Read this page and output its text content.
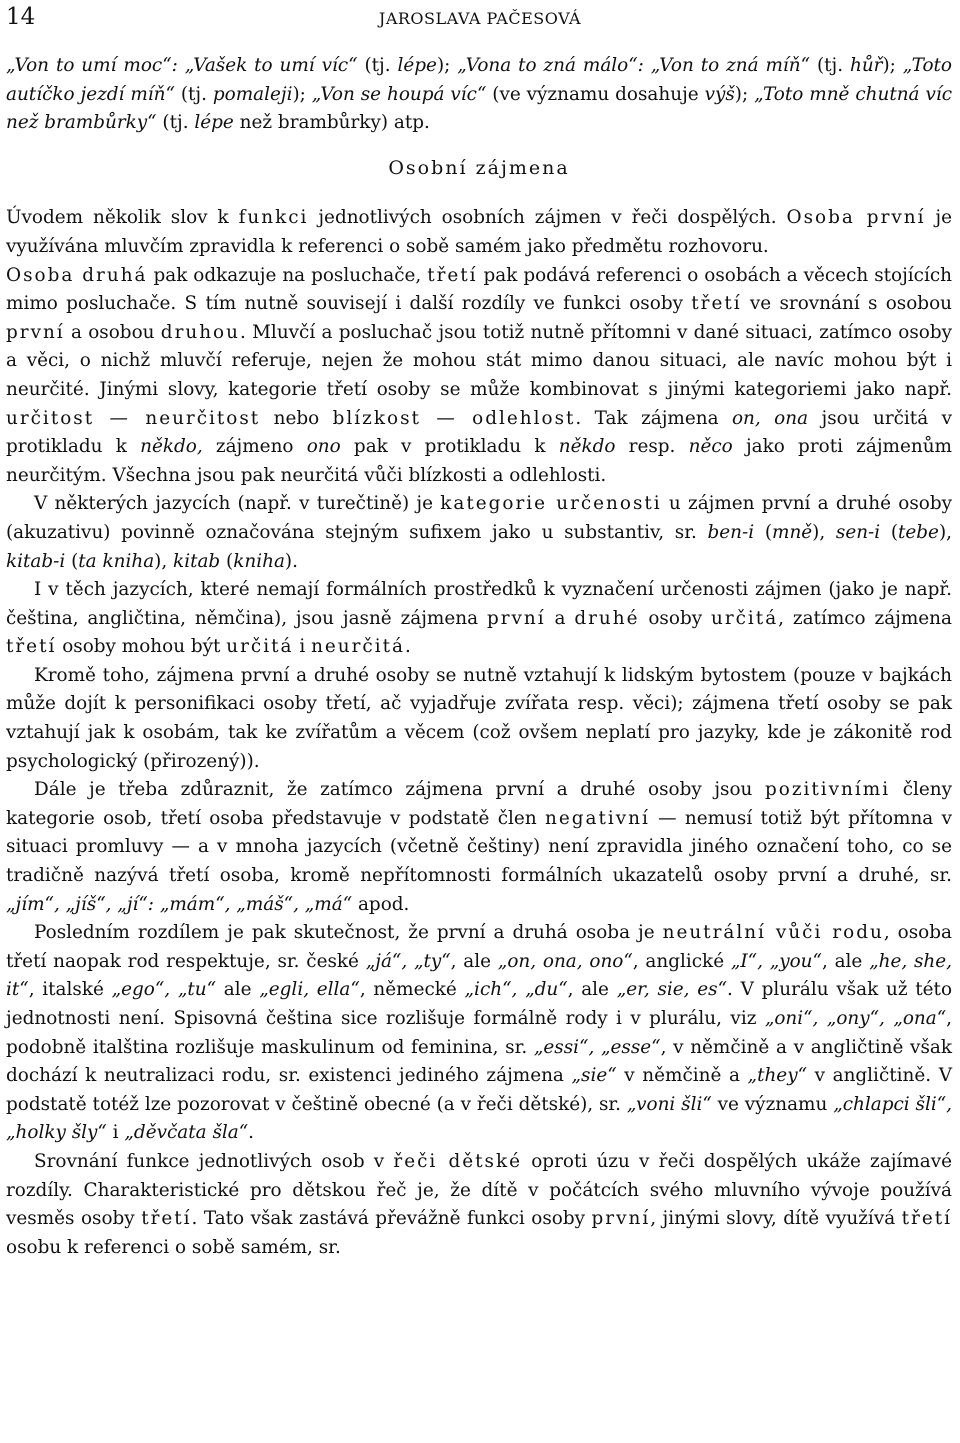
14	JAROSLAVA PAČESOVÁ

„Von to umí moc“: „Vašek to umí víc“ (tj. lépe); „Vona to zná málo“: „Von to zná míň“ (tj. hůř); „Toto autíčko jezdí míň“ (tj. pomaleji); „Von se houpá víc“ (ve významu dosahuje výš); „Toto mně chutná víc než brambůrky“ (tj. lépe než brambůrky) atp.

Osobní zájmena

Úvodem několik slov k funkci jednotlivých osobních zájmen v řeči dospělých. Osoba první je využívána mluvčím zpravidla k referenci o sobě samém jako předmětu rozhovoru.

Osoba druhá pak odkazuje na posluchače, třetí pak podává referenci o osobách a věcech stojících mimo posluchače. S tím nutně souvisejí i další rozdíly ve funkci osoby třetí ve srovnání s osobou první a osobou druhou. Mluvčí a posluchač jsou totiž nutně přítomni v dané situaci, zatímco osoby a věci, o nichž mluvčí referuje, nejen že mohou stát mimo danou situaci, ale navíc mohou být i neurčité. Jinými slovy, kategorie třetí osoby se může kombinovat s jinými kategoriemi jako např. určitost — neurčitost nebo blízkost — odlehlost. Tak zájmena on, ona jsou určitá v protikladu k někdo, zájmeno ono pak v protikladu k někdo resp. něco jako proti zájmenům neurčitým. Všechna jsou pak neurčitá vůči blízkosti a odlehlosti.

V některých jazycích (např. v turečtině) je kategorie určenosti u zájmen první a druhé osoby (akuzativu) povinně označována stejným sufixem jako u substantiv, sr. ben-i (mně), sen-i (tebe), kitab-i (ta kniha), kitab (kniha).

I v těch jazycích, které nemají formálních prostředků k vyznačení určenosti zájmen (jako je např. čeština, angličtina, němčina), jsou jasně zájmena první a druhé osoby určitá, zatímco zájmena třetí osoby mohou být určitá i neurčitá.

Kromě toho, zájmena první a druhé osoby se nutně vztahují k lidským bytostem (pouze v bajkách může dojít k personifikaci osoby třetí, ač vyjadřuje zvířata resp. věci); zájmena třetí osoby se pak vztahují jak k osobám, tak ke zvířatům a věcem (což ovšem neplatí pro jazyky, kde je zákonitě rod psychologický (přirozený)).

Dále je třeba zdůraznit, že zatímco zájmena první a druhé osoby jsou pozitivními členy kategorie osob, třetí osoba představuje v podstatě člen negativní — nemusí totiž být přítomna v situaci promluvy — a v mnoha jazycích (včetně češtiny) není zpravidla jiného označení toho, co se tradičně nazývá třetí osoba, kromě nepřítomnosti formálních ukazatelů osoby první a druhé, sr. „jím“, „jíš“, „jí“: „mám“, „máš“, „má“ apod.

Posledním rozdílem je pak skutečnost, že první a druhá osoba je neutrální vůči rodu, osoba třetí naopak rod respektuje, sr. české „já“, „ty“, ale „on, ona, ono“, anglické „I“, „you“, ale „he, she, it“, italské „ego“, „tu“ ale „egli, ella“, německé „ich“, „du“, ale „er, sie, es“. V plurálu však už této jednotnosti není. Spisovná čeština sice rozlišuje formálně rody i v plurálu, viz „oni“, „ony“, „ona“, podobně italština rozlišuje maskulinum od feminina, sr. „essi“, „esse“, v němčině a v angličtině však dochází k neutralizaci rodu, sr. existenci jediného zájmena „sie“ v němčině a „they“ v angličtině. V podstatě totéž lze pozorovat v češtině obecné (a v řeči dětské), sr. „voni šli“ ve významu „chlapci šli“, „holky šly“ i „děvčata šla“.

Srovnání funkce jednotlivých osob v řeči dětské oproti úzu v řeči dospělých ukáže zajímavé rozdíly. Charakteristické pro dětskou řeč je, že dítě v počátcích svého mluvního vývoje používá vesměs osoby třetí. Tato však zastává převážně funkci osoby první, jinými slovy, dítě využívá třetí osobu k referenci o sobě samém, sr.
